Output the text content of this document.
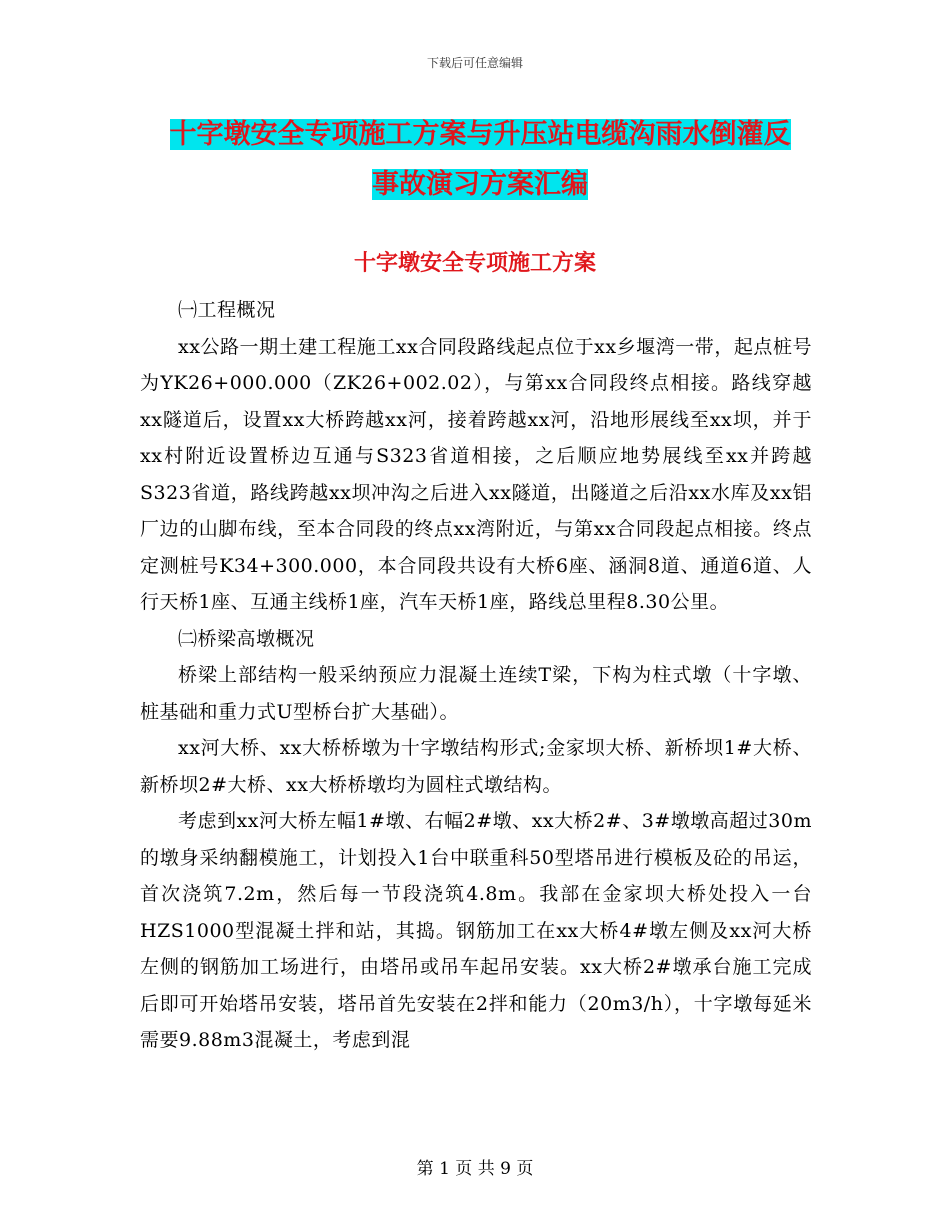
下载后可任意编辑
十字墩安全专项施工方案与升压站电缆沟雨水倒灌反
事故演习方案汇编
十字墩安全专项施工方案

㈠工程概况

xx公路一期土建工程施工xx合同段路线起点位于xx乡堰湾一带，起点桩号为YK26+000.000（ZK26+002.02），与第xx合同段终点相接。路线穿越xx隧道后，设置xx大桥跨越xx河，接着跨越xx河，沿地形展线至xx坝，并于xx村附近设置桥边互通与S323省道相接，之后顺应地势展线至xx并跨越S323省道，路线跨越xx坝冲沟之后进入xx隧道，出隧道之后沿xx水库及xx铝厂边的山脚布线，至本合同段的终点xx湾附近，与第xx合同段起点相接。终点定测桩号K34+300.000，本合同段共设有大桥6座、涵洞8道、通道6道、人行天桥1座、互通主线桥1座，汽车天桥1座，路线总里程8.30公里。

㈡桥梁高墩概况

桥梁上部结构一般采纳预应力混凝土连续T梁，下构为柱式墩（十字墩、桩基础和重力式U型桥台扩大基础）。

xx河大桥、xx大桥桥墩为十字墩结构形式;金家坝大桥、新桥坝1#大桥、新桥坝2#大桥、xx大桥桥墩均为圆柱式墩结构。

考虑到xx河大桥左幅1#墩、右幅2#墩、xx大桥2#、3#墩墩高超过30m的墩身采纳翻模施工，计划投入1台中联重科50型塔吊进行模板及砼的吊运，首次浇筑7.2m，然后每一节段浇筑4.8m。我部在金家坝大桥处投入一台HZS1000型混凝土拌和站，其捣。钢筋加工在xx大桥4#墩左侧及xx河大桥左侧的钢筋加工场进行，由塔吊或吊车起吊安装。xx大桥2#墩承台施工完成后即可开始塔吊安装，塔吊首先安装在2拌和能力（20m3/h），十字墩每延米需要9.88m3混凝土，考虑到混

第 1 页 共 9 页
